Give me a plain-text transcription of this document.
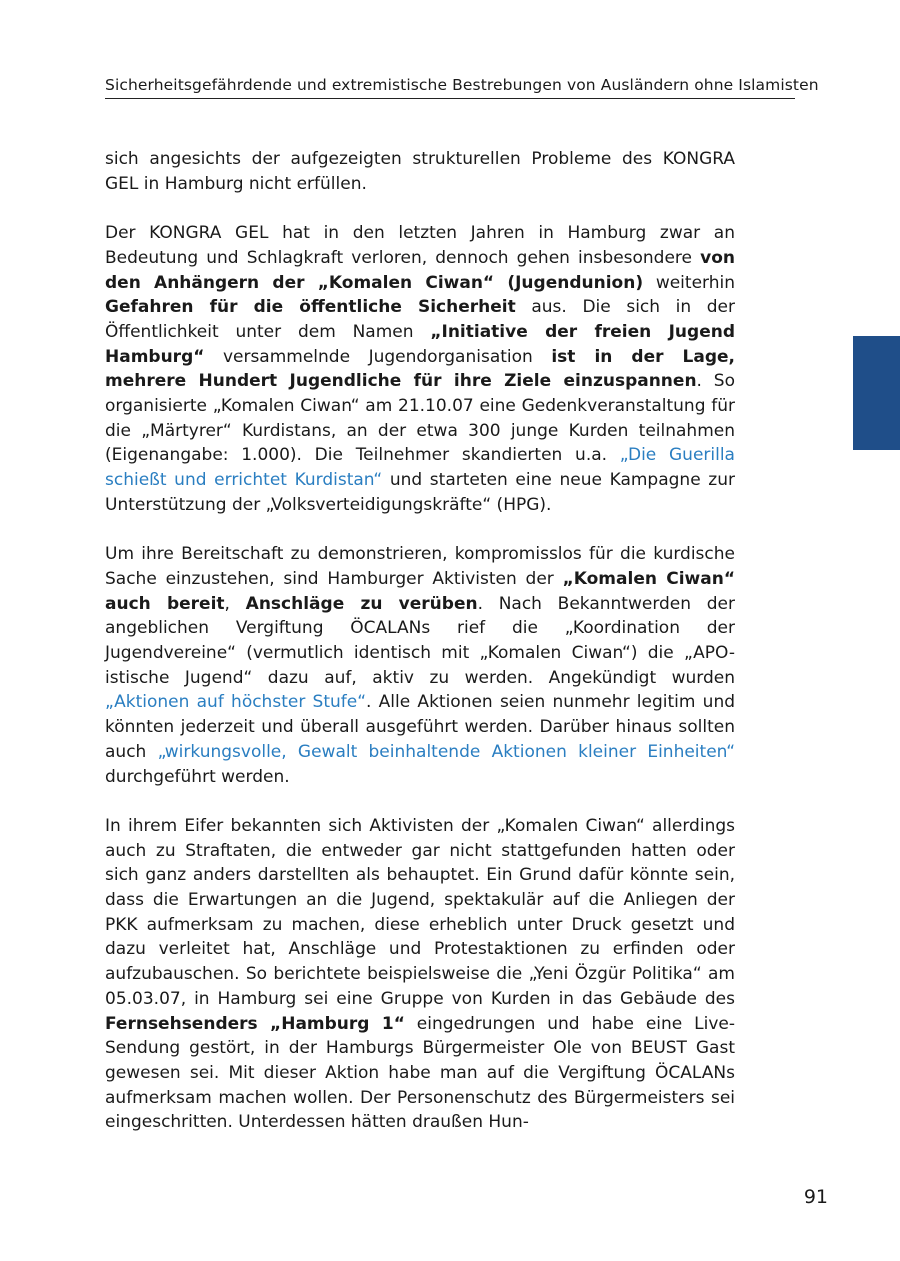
Sicherheitsgefährdende und extremistische Bestrebungen von Ausländern ohne Islamisten

sich angesichts der aufgezeigten strukturellen Probleme des KONGRA GEL in Hamburg nicht erfüllen.

Der KONGRA GEL hat in den letzten Jahren in Hamburg zwar an Bedeutung und Schlagkraft verloren, dennoch gehen insbesondere von den Anhängern der „Komalen Ciwan“ (Jugendunion) weiterhin Gefahren für die öffentliche Sicherheit aus. Die sich in der Öffentlichkeit unter dem Namen „Initiative der freien Jugend Hamburg“ versammelnde Jugendorganisation ist in der Lage, mehrere Hundert Jugendliche für ihre Ziele einzuspannen. So organisierte „Komalen Ciwan“ am 21.10.07 eine Gedenkveranstaltung für die „Märtyrer“ Kurdistans, an der etwa 300 junge Kurden teilnahmen (Eigenangabe: 1.000). Die Teilnehmer skandierten u.a. „Die Guerilla schießt und errichtet Kurdistan“ und starteten eine neue Kampagne zur Unterstützung der „Volksverteidigungskräfte“ (HPG).

Um ihre Bereitschaft zu demonstrieren, kompromisslos für die kurdische Sache einzustehen, sind Hamburger Aktivisten der „Komalen Ciwan“ auch bereit, Anschläge zu verüben. Nach Bekanntwerden der angeblichen Vergiftung ÖCALANs rief die „Koordination der Jugendvereine“ (vermutlich identisch mit „Komalen Ciwan“) die „APO-istische Jugend“ dazu auf, aktiv zu werden. Angekündigt wurden „Aktionen auf höchster Stufe“. Alle Aktionen seien nunmehr legitim und könnten jederzeit und überall ausgeführt werden. Darüber hinaus sollten auch „wirkungsvolle, Gewalt beinhaltende Aktionen kleiner Einheiten“ durchgeführt werden.

In ihrem Eifer bekannten sich Aktivisten der „Komalen Ciwan“ allerdings auch zu Straftaten, die entweder gar nicht stattgefunden hatten oder sich ganz anders darstellten als behauptet. Ein Grund dafür könnte sein, dass die Erwartungen an die Jugend, spektakulär auf die Anliegen der PKK aufmerksam zu machen, diese erheblich unter Druck gesetzt und dazu verleitet hat, Anschläge und Protestaktionen zu erfinden oder aufzubauschen. So berichtete beispielsweise die „Yeni Özgür Politika“ am 05.03.07, in Hamburg sei eine Gruppe von Kurden in das Gebäude des Fernsehsenders „Hamburg 1“ eingedrungen und habe eine Live-Sendung gestört, in der Hamburgs Bürgermeister Ole von BEUST Gast gewesen sei. Mit dieser Aktion habe man auf die Vergiftung ÖCALANs aufmerksam machen wollen. Der Personenschutz des Bürgermeisters sei eingeschritten. Unterdessen hätten draußen Hun-

91
